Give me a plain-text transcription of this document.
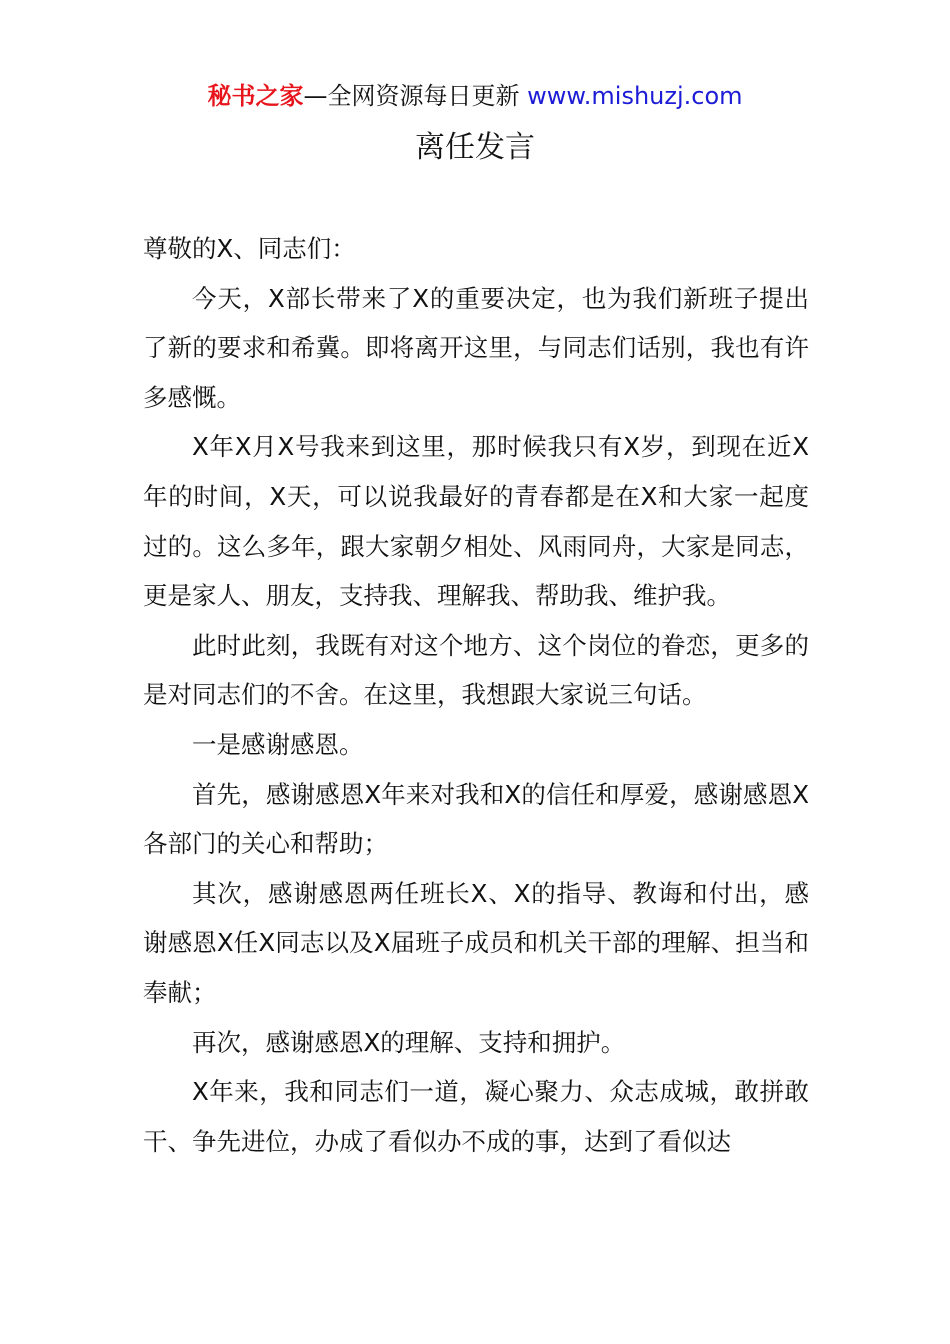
秘书之家—全网资源每日更新 www.mishuzj.com
离任发言

尊敬的X、同志们：

今天，X部长带来了X的重要决定，也为我们新班子提出了新的要求和希冀。即将离开这里，与同志们话别，我也有许多感慨。

X年X月X号我来到这里，那时候我只有X岁，到现在近X年的时间，X天，可以说我最好的青春都是在X和大家一起度过的。这么多年，跟大家朝夕相处、风雨同舟，大家是同志，更是家人、朋友，支持我、理解我、帮助我、维护我。

此时此刻，我既有对这个地方、这个岗位的眷恋，更多的是对同志们的不舍。在这里，我想跟大家说三句话。

一是感谢感恩。

首先，感谢感恩X年来对我和X的信任和厚爱，感谢感恩X各部门的关心和帮助；

其次，感谢感恩两任班长X、X的指导、教诲和付出，感谢感恩X任X同志以及X届班子成员和机关干部的理解、担当和奉献；

再次，感谢感恩X的理解、支持和拥护。

X年来，我和同志们一道，凝心聚力、众志成城，敢拼敢干、争先进位，办成了看似办不成的事，达到了看似达
